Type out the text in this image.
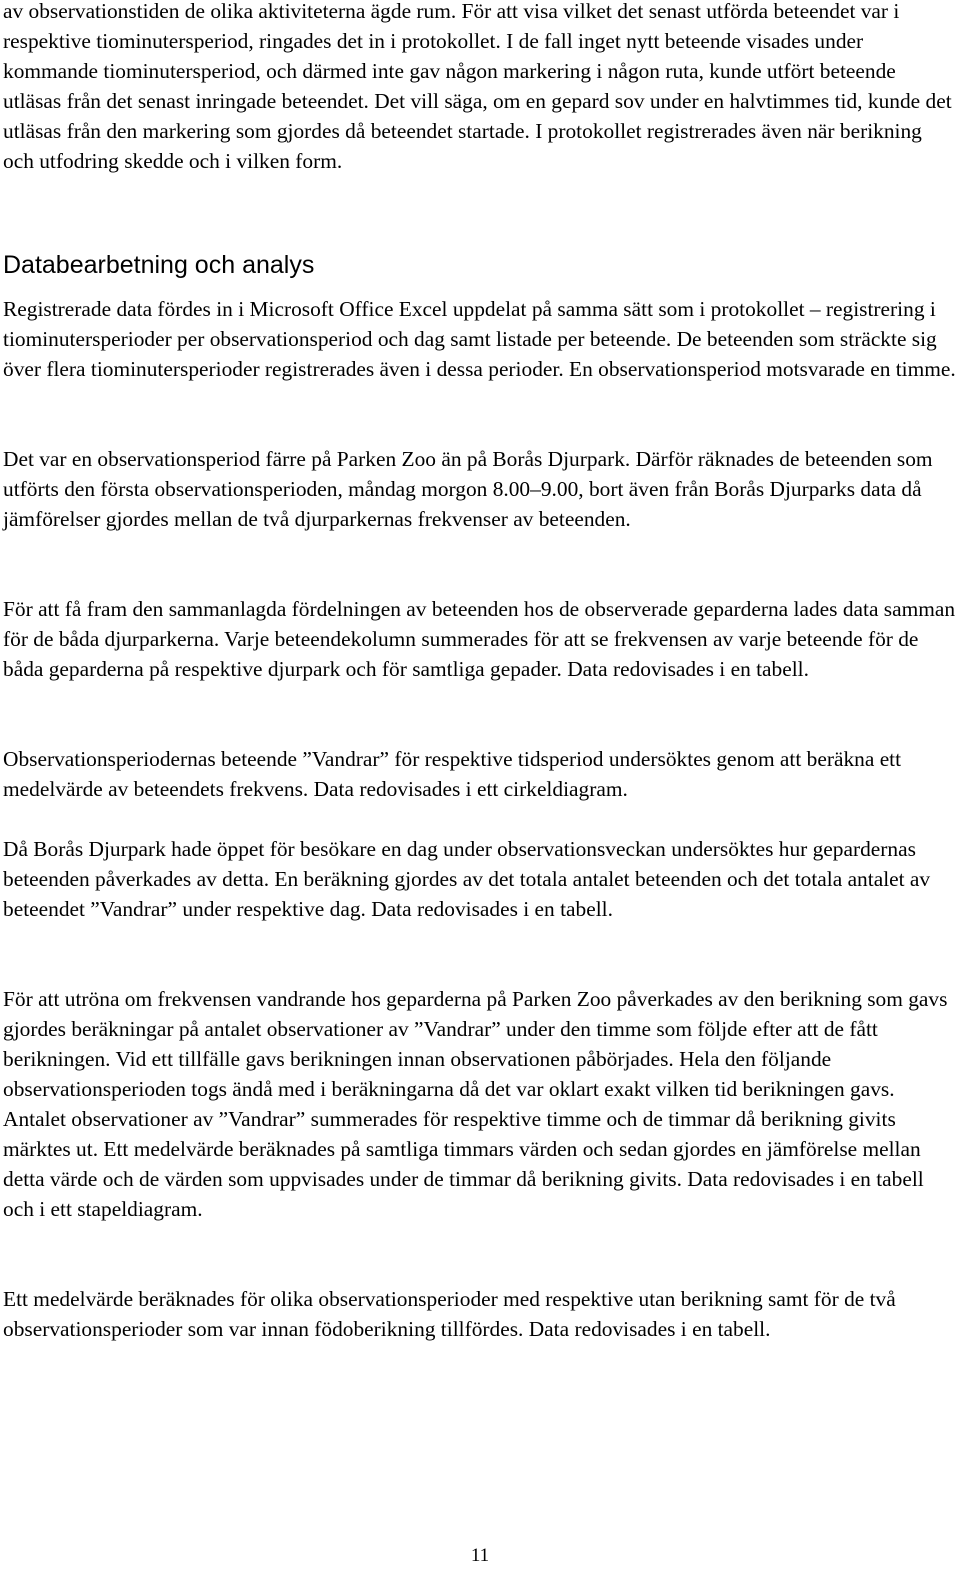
av observationstiden de olika aktiviteterna ägde rum. För att visa vilket det senast utförda beteendet var i respektive tiominutersperiod, ringades det in i protokollet. I de fall inget nytt beteende visades under kommande tiominutersperiod, och därmed inte gav någon markering i någon ruta, kunde utfört beteende utläsas från det senast inringade beteendet. Det vill säga, om en gepard sov under en halvtimmes tid, kunde det utläsas från den markering som gjordes då beteendet startade. I protokollet registrerades även när berikning och utfodring skedde och i vilken form.

Databearbetning och analys

Registrerade data fördes in i Microsoft Office Excel uppdelat på samma sätt som i protokollet – registrering i tiominutersperioder per observationsperiod och dag samt listade per beteende. De beteenden som sträckte sig över flera tiominutersperioder registrerades även i dessa perioder. En observationsperiod motsvarade en timme.

Det var en observationsperiod färre på Parken Zoo än på Borås Djurpark. Därför räknades de beteenden som utförts den första observationsperioden, måndag morgon 8.00–9.00, bort även från Borås Djurparks data då jämförelser gjordes mellan de två djurparkernas frekvenser av beteenden.

För att få fram den sammanlagda fördelningen av beteenden hos de observerade geparderna lades data samman för de båda djurparkerna. Varje beteendekolumn summerades för att se frekvensen av varje beteende för de båda geparderna på respektive djurpark och för samtliga gepader. Data redovisades i en tabell.

Observationsperiodernas beteende ”Vandrar” för respektive tidsperiod undersöktes genom att beräkna ett medelvärde av beteendets frekvens. Data redovisades i ett cirkeldiagram.

Då Borås Djurpark hade öppet för besökare en dag under observationsveckan undersöktes hur gepardernas beteenden påverkades av detta. En beräkning gjordes av det totala antalet beteenden och det totala antalet av beteendet ”Vandrar” under respektive dag. Data redovisades i en tabell.

För att utröna om frekvensen vandrande hos geparderna på Parken Zoo påverkades av den berikning som gavs gjordes beräkningar på antalet observationer av ”Vandrar” under den timme som följde efter att de fått berikningen. Vid ett tillfälle gavs berikningen innan observationen påbörjades. Hela den följande observationsperioden togs ändå med i beräkningarna då det var oklart exakt vilken tid berikningen gavs. Antalet observationer av ”Vandrar” summerades för respektive timme och de timmar då berikning givits märktes ut. Ett medelvärde beräknades på samtliga timmars värden och sedan gjordes en jämförelse mellan detta värde och de värden som uppvisades under de timmar då berikning givits. Data redovisades i en tabell och i ett stapeldiagram.

Ett medelvärde beräknades för olika observationsperioder med respektive utan berikning samt för de två observationsperioder som var innan födoberikning tillfördes. Data redovisades i en tabell.

11
